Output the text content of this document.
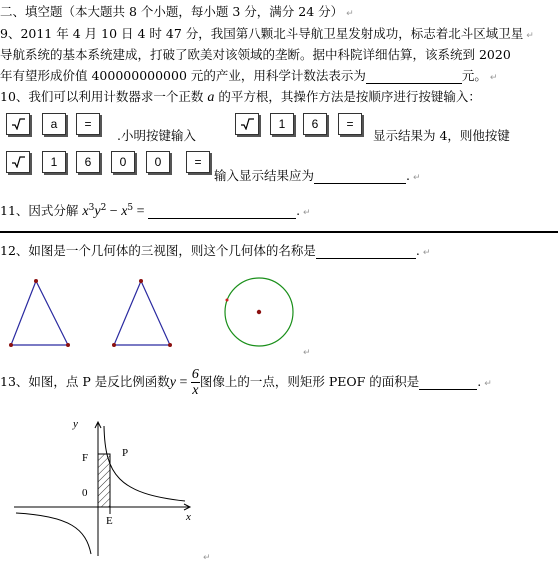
二、填空题（本大题共 8 个小题，每小题 3 分，满分 24 分） ↵
9、2011 年 4 月 10 日 4 时 47 分，我国第八颗北斗导航卫星发射成功，标志着北斗区域卫星 ↵
导航系统的基本系统建成，打破了欧美对该领域的垄断。据中科院详细估算，该系统到 2020
年有望形成价值 400000000000 元的产业，用科学计数法表示为	元。 ↵
10、我们可以利用计数器求一个正数 a 的平方根，其操作方法是按顺序进行按键输入：
a	=
.小明按键输入
1	6	=
显示结果为 4，则他按键
1	6	0	0	=
输入显示结果应为	. ↵
11、因式分解 $x^3y^2 - x^5$ =	. ↵
12、如图是一个几何体的三视图，则这个几何体的名称是	. ↵
↵
13、如图，点 P 是反比例函数$y = \frac{6}{x}$ 图像上的一点，则矩形 PEOF 的面积是	. ↵
y
x
F	P
0
E
↵
